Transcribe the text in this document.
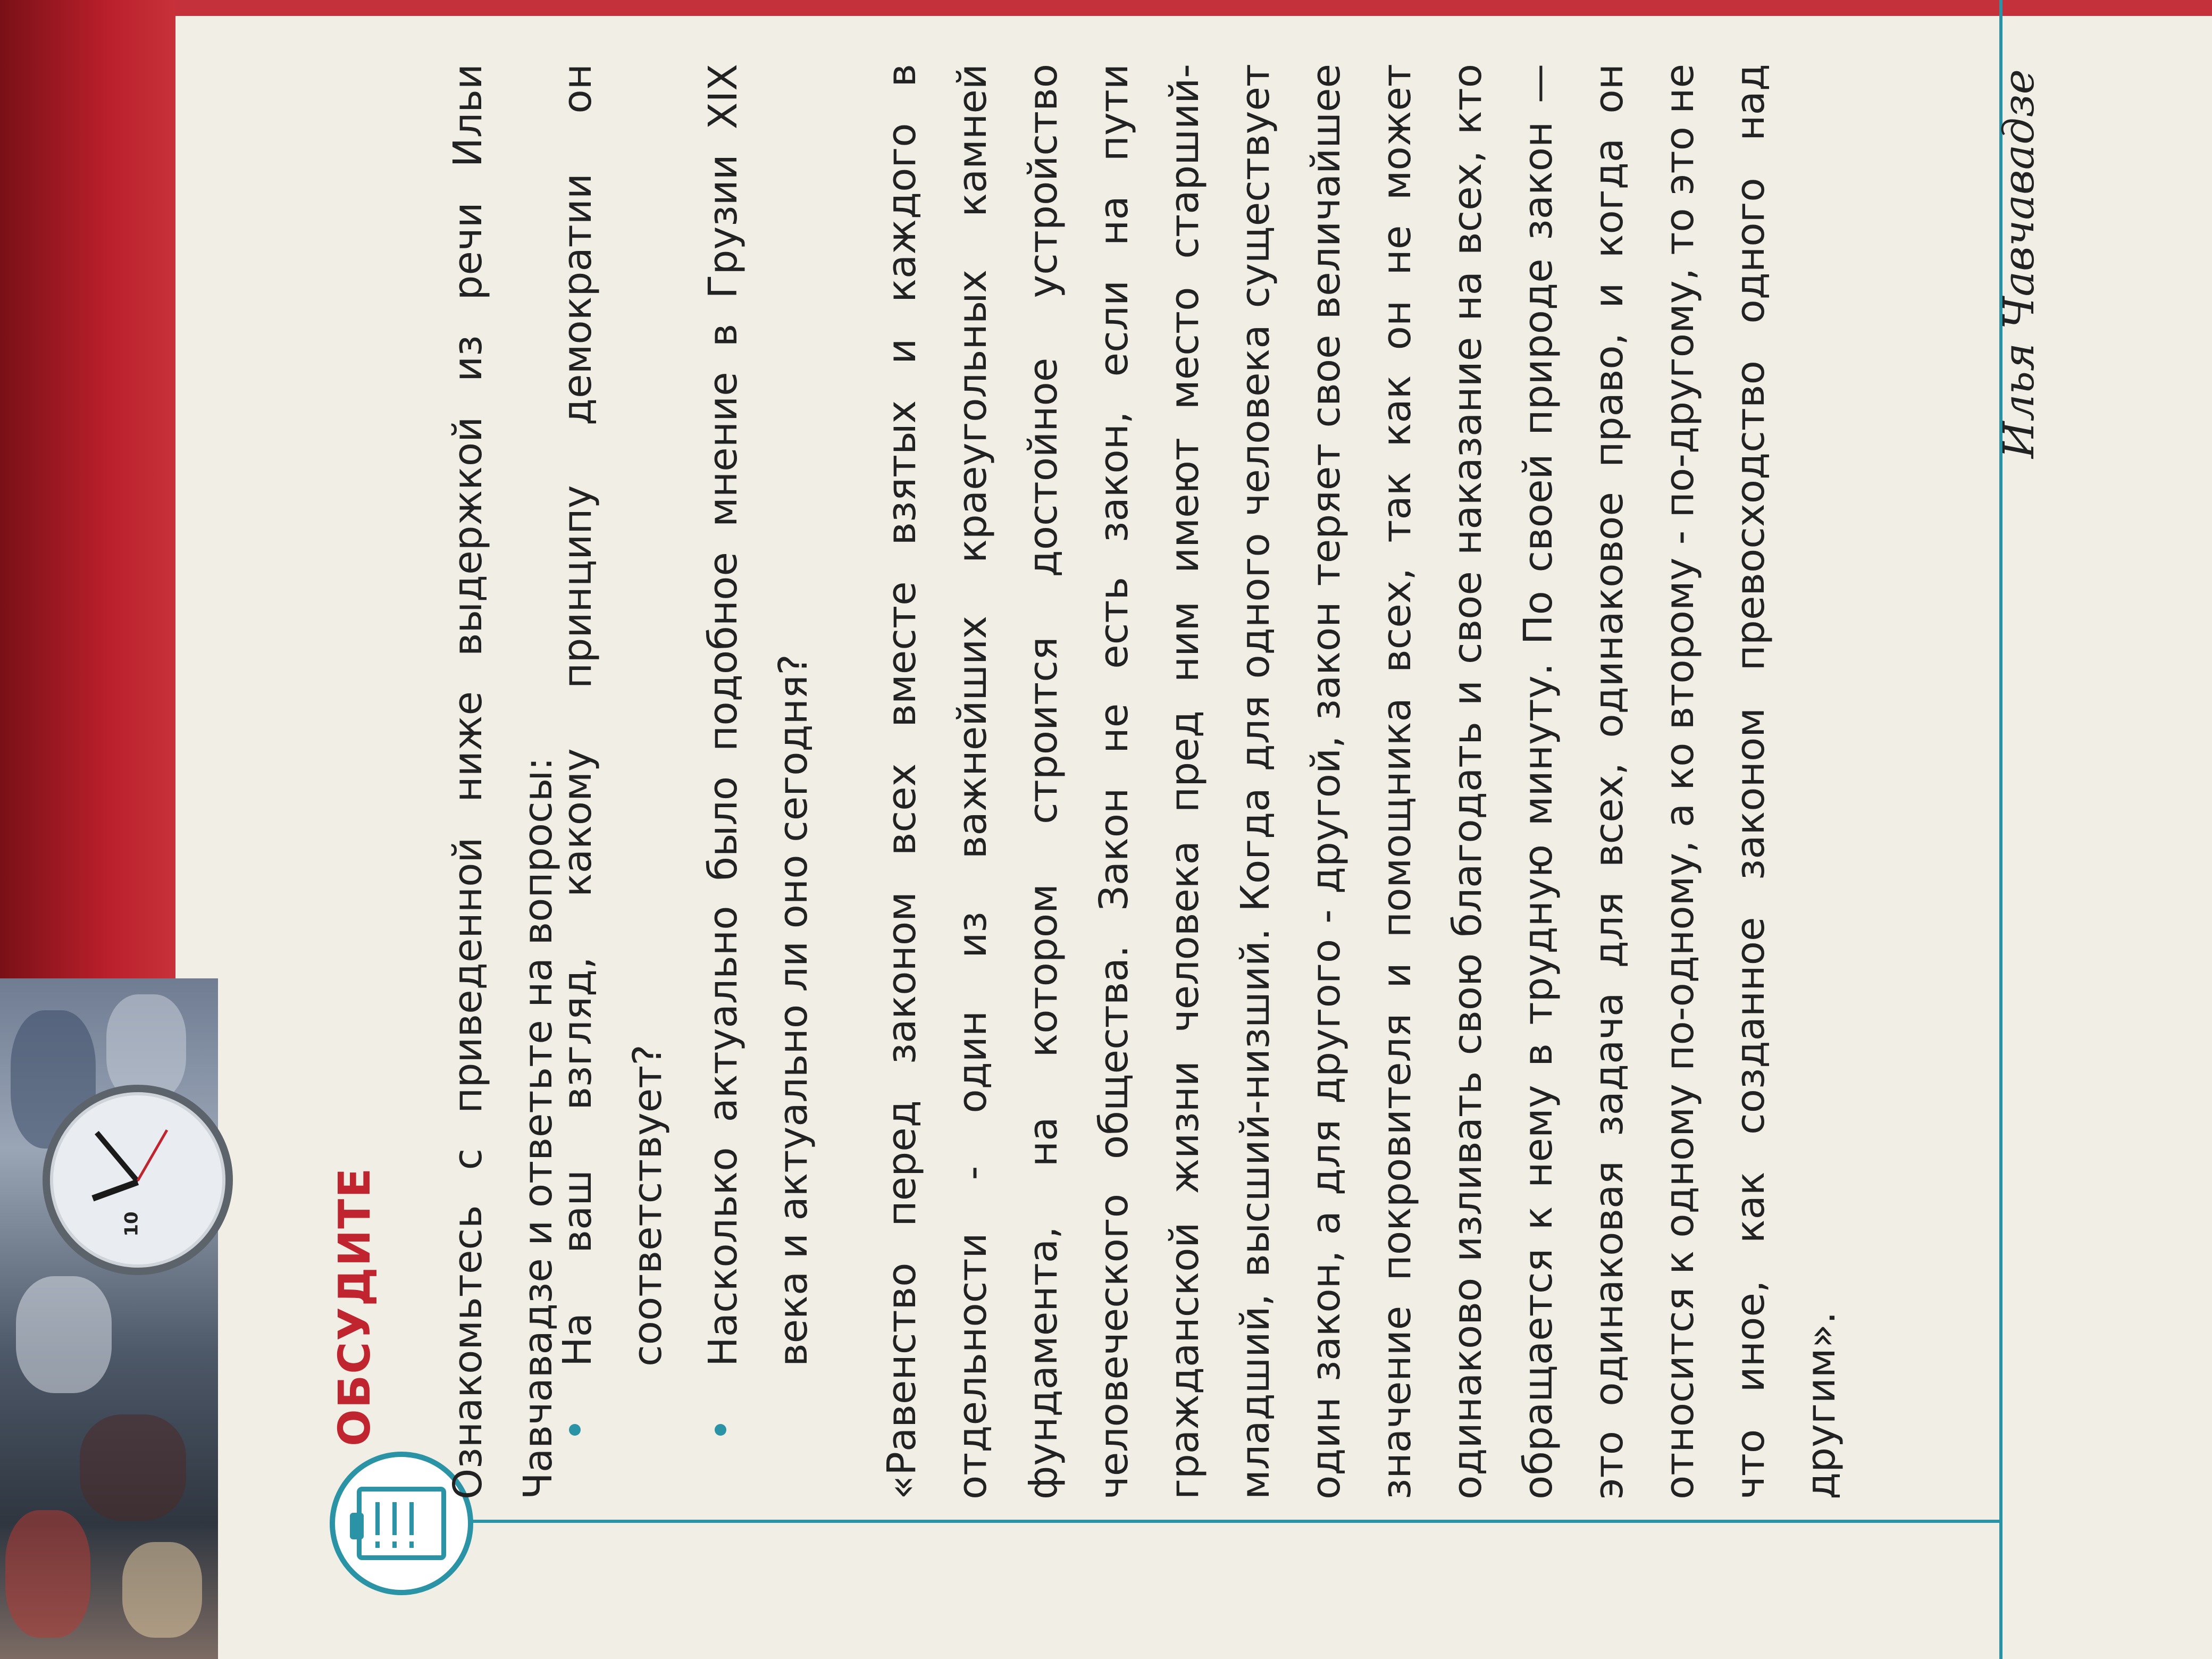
10	ОБСУДИТЕ	Ознакомьтесь с приведенной ниже выдержкой из речи Ильи Чавчавадзе и ответьте на вопросы:

На ваш взгляд, какому принципу демократии он соответствует? Насколько актуально было подобное мнение в Грузии XIX века и актуально ли оно сегодня?	«Равенство перед законом всех вместе взятых и каждого в отдельности - один из важнейших краеугольных камней фундамента, на котором строится достойное устройство человеческого общества. Закон не есть закон, если на пути гражданской жизни человека пред ним имеют место старший-младший, высший-низший. Когда для одного человека существует один закон, а для другого - другой, закон теряет свое величайшее значение покровителя и помощника всех, так как он не может одинаково изливать свою благодать и свое наказание на всех, кто обращается к нему в трудную минуту. По своей природе закон — это одинаковая задача для всех, одинаковое право, и когда он относится к одному по-одному, а ко второму - по-другому, то это не что иное, как созданное законом превосходство одного над другим».

Илья Чавчавадзе
